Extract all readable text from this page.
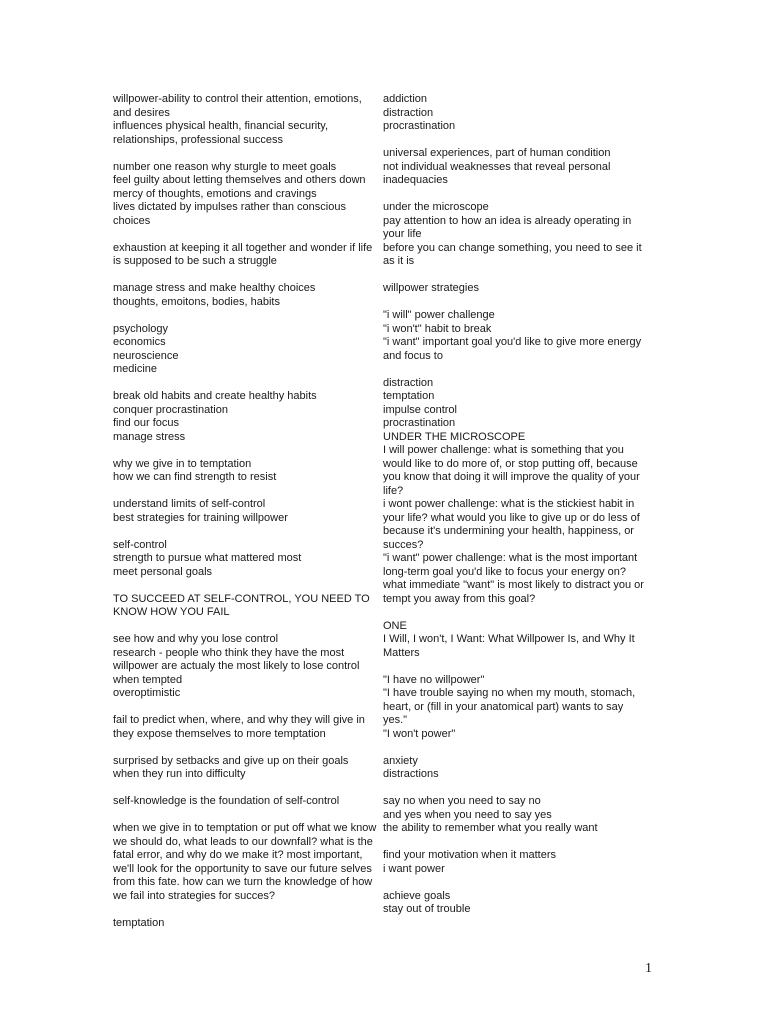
willpower-ability to control their attention, emotions,
and desires
influences physical health, financial security,
relationships, professional success
number one reason why sturgle to meet goals
feel guilty about letting themselves and others down
mercy of thoughts, emotions and cravings
lives dictated by impulses rather than conscious
choices
exhaustion at keeping it all together and wonder if life
is supposed to be such a struggle
manage stress and make healthy choices
thoughts, emoitons, bodies, habits
psychology
economics
neuroscience
medicine
break old habits and create healthy habits
conquer procrastination
find our focus
manage stress
why we give in to temptation
how we can find strength to resist
understand limits of self-control
best strategies for training willpower
self-control
strength to pursue what mattered most
meet personal goals
TO SUCCEED AT SELF-CONTROL, YOU NEED TO
KNOW HOW YOU FAIL
see how and why you lose control
research - people who think they have the most
willpower are actualy the most likely to lose control
when tempted
overoptimistic
fail to predict when, where, and why they will give in
they expose themselves to more temptation
surprised by setbacks and give up on their goals
when they run into difficulty
self-knowledge is the foundation of self-control
when we give in to temptation or put off what we know
we should do, what leads to our downfall? what is the
fatal error, and why do we make it? most important,
we'll look for the opportunity to save our future selves
from this fate. how can we turn the knowledge of how
we fail into strategies for succes?
temptation
addiction
distraction
procrastination
universal experiences, part of human condition
not individual weaknesses that reveal personal
inadequacies
under the microscope
pay attention to how an idea is already operating in
your life
before you can change something, you need to see it
as it is
willpower strategies
"i will" power challenge
"i won't" habit to break
"i want" important goal you'd like to give more energy
and focus to
distraction
temptation
impulse control
procrastination
UNDER THE MICROSCOPE
I will power challenge: what is something that you
would like to do more of, or stop putting off, because
you know that doing it will improve the quality of your
life?
i wont power challenge: what is the stickiest habit in
your life? what would you like to give up or do less of
because it's undermining your health, happiness, or
succes?
"i want" power challenge: what is the most important
long-term goal you'd like to focus your energy on?
what immediate "want" is most likely to distract you or
tempt you away from this goal?
ONE
I Will, I won't, I Want: What Willpower Is, and Why It
Matters
"I have no willpower"
"I have trouble saying no when my mouth, stomach,
heart, or (fill in your anatomical part) wants to say
yes."
"I won't power"
anxiety
distractions
say no when you need to say no
and yes when you need to say yes
the ability to remember what you really want
find your motivation when it matters
i want power
achieve goals
stay out of trouble
1
